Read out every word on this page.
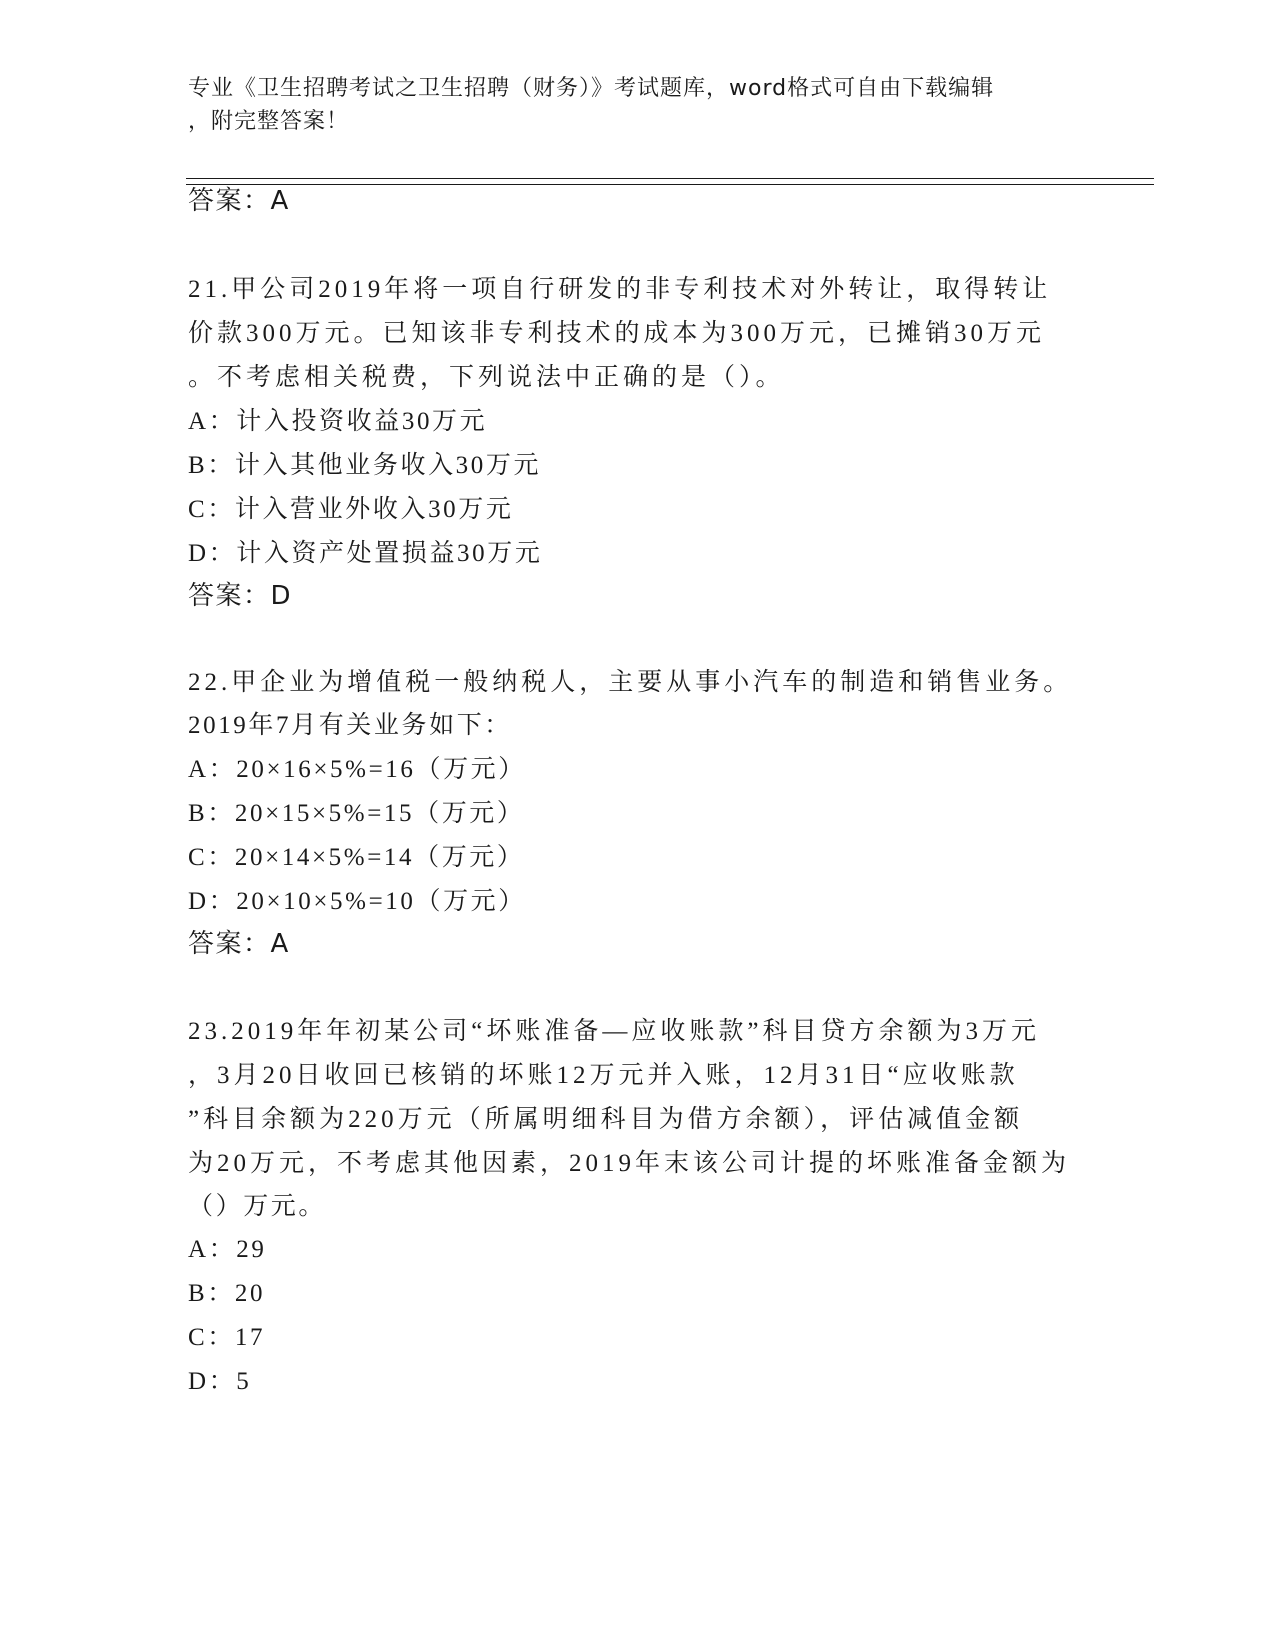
专业《卫生招聘考试之卫生招聘（财务）》考试题库，word格式可自由下载编辑
，附完整答案！
答案：A
21.甲公司2019年将一项自行研发的非专利技术对外转让，取得转让
价款300万元。已知该非专利技术的成本为300万元，已摊销30万元
。不考虑相关税费，下列说法中正确的是（）。
A：计入投资收益30万元
B：计入其他业务收入30万元
C：计入营业外收入30万元
D：计入资产处置损益30万元
答案：D
22.甲企业为增值税一般纳税人，主要从事小汽车的制造和销售业务。
2019年7月有关业务如下：
A：20×16×5%=16（万元）
B：20×15×5%=15（万元）
C：20×14×5%=14（万元）
D：20×10×5%=10（万元）
答案：A
23.2019年年初某公司“坏账准备—应收账款”科目贷方余额为3万元
，3月20日收回已核销的坏账12万元并入账，12月31日“应收账款
”科目余额为220万元（所属明细科目为借方余额），评估减值金额
为20万元，不考虑其他因素，2019年末该公司计提的坏账准备金额为
（）万元。
A：29
B：20
C：17
D：5
